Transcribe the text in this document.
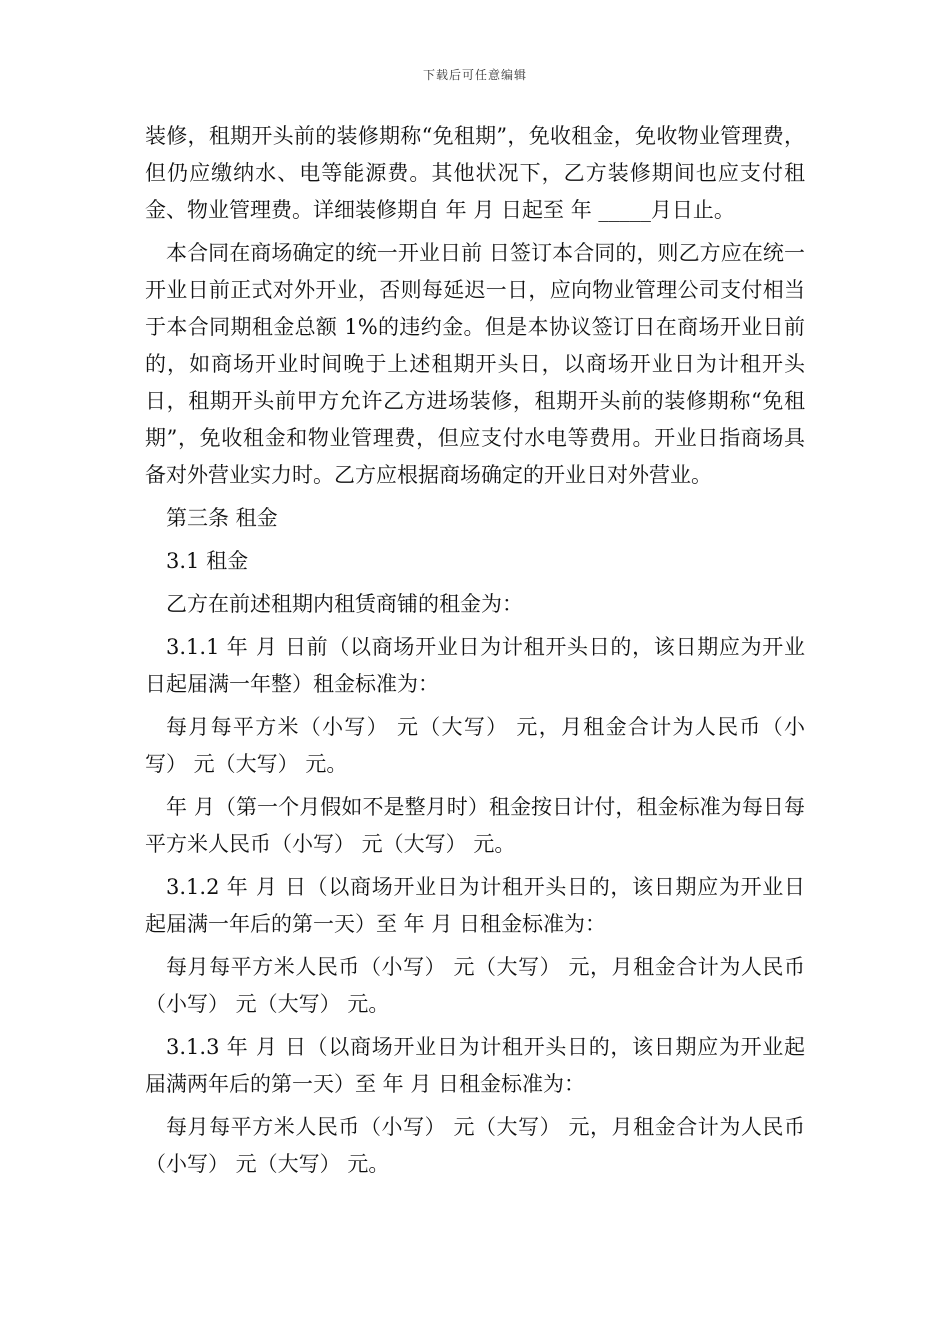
下载后可任意编辑

装修，租期开头前的装修期称“免租期”，免收租金，免收物业管理费，但仍应缴纳水、电等能源费。其他状况下，乙方装修期间也应支付租金、物业管理费。详细装修期自 年 月 日起至 年 _____月日止。

本合同在商场确定的统一开业日前 日签订本合同的，则乙方应在统一开业日前正式对外开业，否则每延迟一日，应向物业管理公司支付相当于本合同期租金总额 1%的违约金。但是本协议签订日在商场开业日前的，如商场开业时间晚于上述租期开头日，以商场开业日为计租开头日，租期开头前甲方允许乙方进场装修，租期开头前的装修期称“免租期”，免收租金和物业管理费，但应支付水电等费用。开业日指商场具备对外营业实力时。乙方应根据商场确定的开业日对外营业。

第三条 租金

3.1 租金

乙方在前述租期内租赁商铺的租金为：

3.1.1 年 月 日前（以商场开业日为计租开头日的，该日期应为开业日起届满一年整）租金标准为：

每月每平方米（小写） 元（大写） 元，月租金合计为人民币（小写） 元（大写） 元。

年 月（第一个月假如不是整月时）租金按日计付，租金标准为每日每平方米人民币（小写） 元（大写） 元。

3.1.2 年 月 日（以商场开业日为计租开头日的，该日期应为开业日起届满一年后的第一天）至 年 月 日租金标准为：

每月每平方米人民币（小写） 元（大写） 元，月租金合计为人民币（小写） 元（大写） 元。

3.1.3 年 月 日（以商场开业日为计租开头日的，该日期应为开业起届满两年后的第一天）至 年 月 日租金标准为：

每月每平方米人民币（小写） 元（大写） 元，月租金合计为人民币（小写） 元（大写） 元。
